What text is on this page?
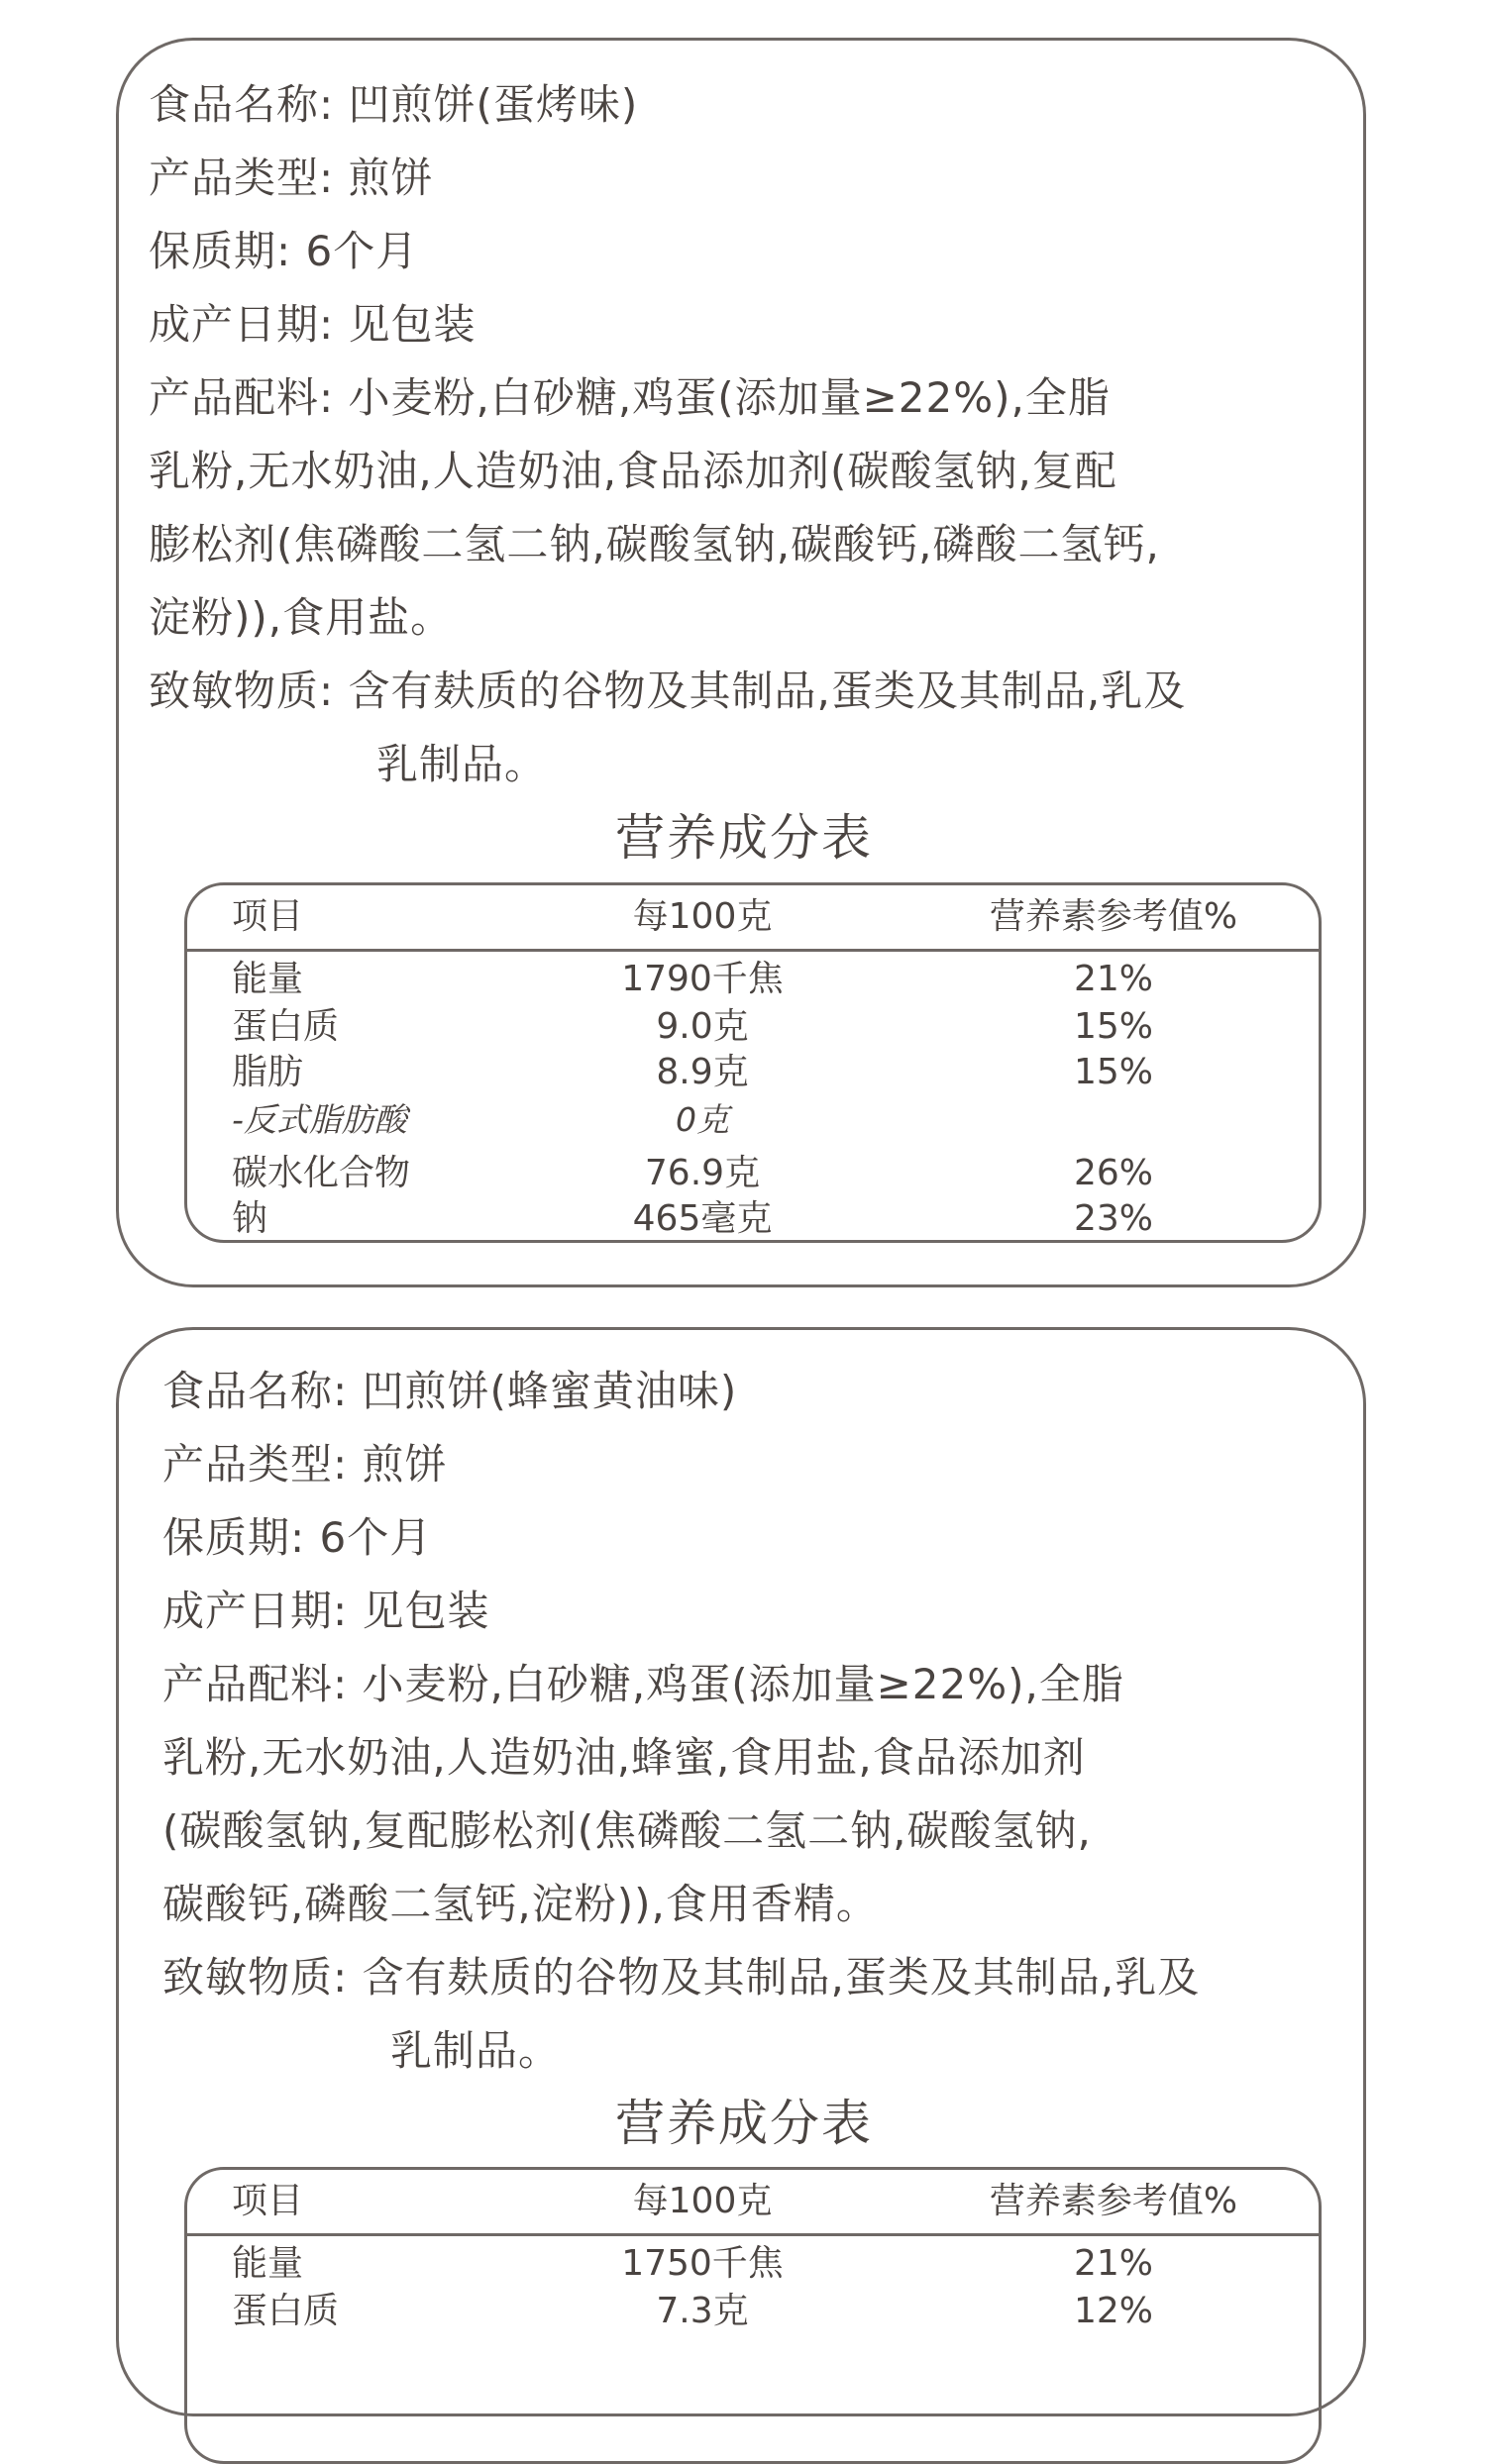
食品名称: 凹煎饼(蛋烤味)
产品类型: 煎饼
保质期: 6个月
成产日期: 见包装
产品配料: 小麦粉,白砂糖,鸡蛋(添加量≥22%),全脂
乳粉,无水奶油,人造奶油,食品添加剂(碳酸氢钠,复配
膨松剂(焦磷酸二氢二钠,碳酸氢钠,碳酸钙,磷酸二氢钙,
淀粉)),食用盐。
致敏物质: 含有麸质的谷物及其制品,蛋类及其制品,乳及
乳制品。
营养成分表
项目	每100克	营养素参考值%
能量	1790千焦	21%
蛋白质	9.0克	15%
脂肪	8.9克	15%
-反式脂肪酸	0克
碳水化合物	76.9克	26%
钠	465毫克	23%
食品名称: 凹煎饼(蜂蜜黄油味)
产品类型: 煎饼
保质期: 6个月
成产日期: 见包装
产品配料: 小麦粉,白砂糖,鸡蛋(添加量≥22%),全脂
乳粉,无水奶油,人造奶油,蜂蜜,食用盐,食品添加剂
(碳酸氢钠,复配膨松剂(焦磷酸二氢二钠,碳酸氢钠,
碳酸钙,磷酸二氢钙,淀粉)),食用香精。
致敏物质: 含有麸质的谷物及其制品,蛋类及其制品,乳及
乳制品。
营养成分表
项目	每100克	营养素参考值%
能量	1750千焦	21%
蛋白质	7.3克	12%
